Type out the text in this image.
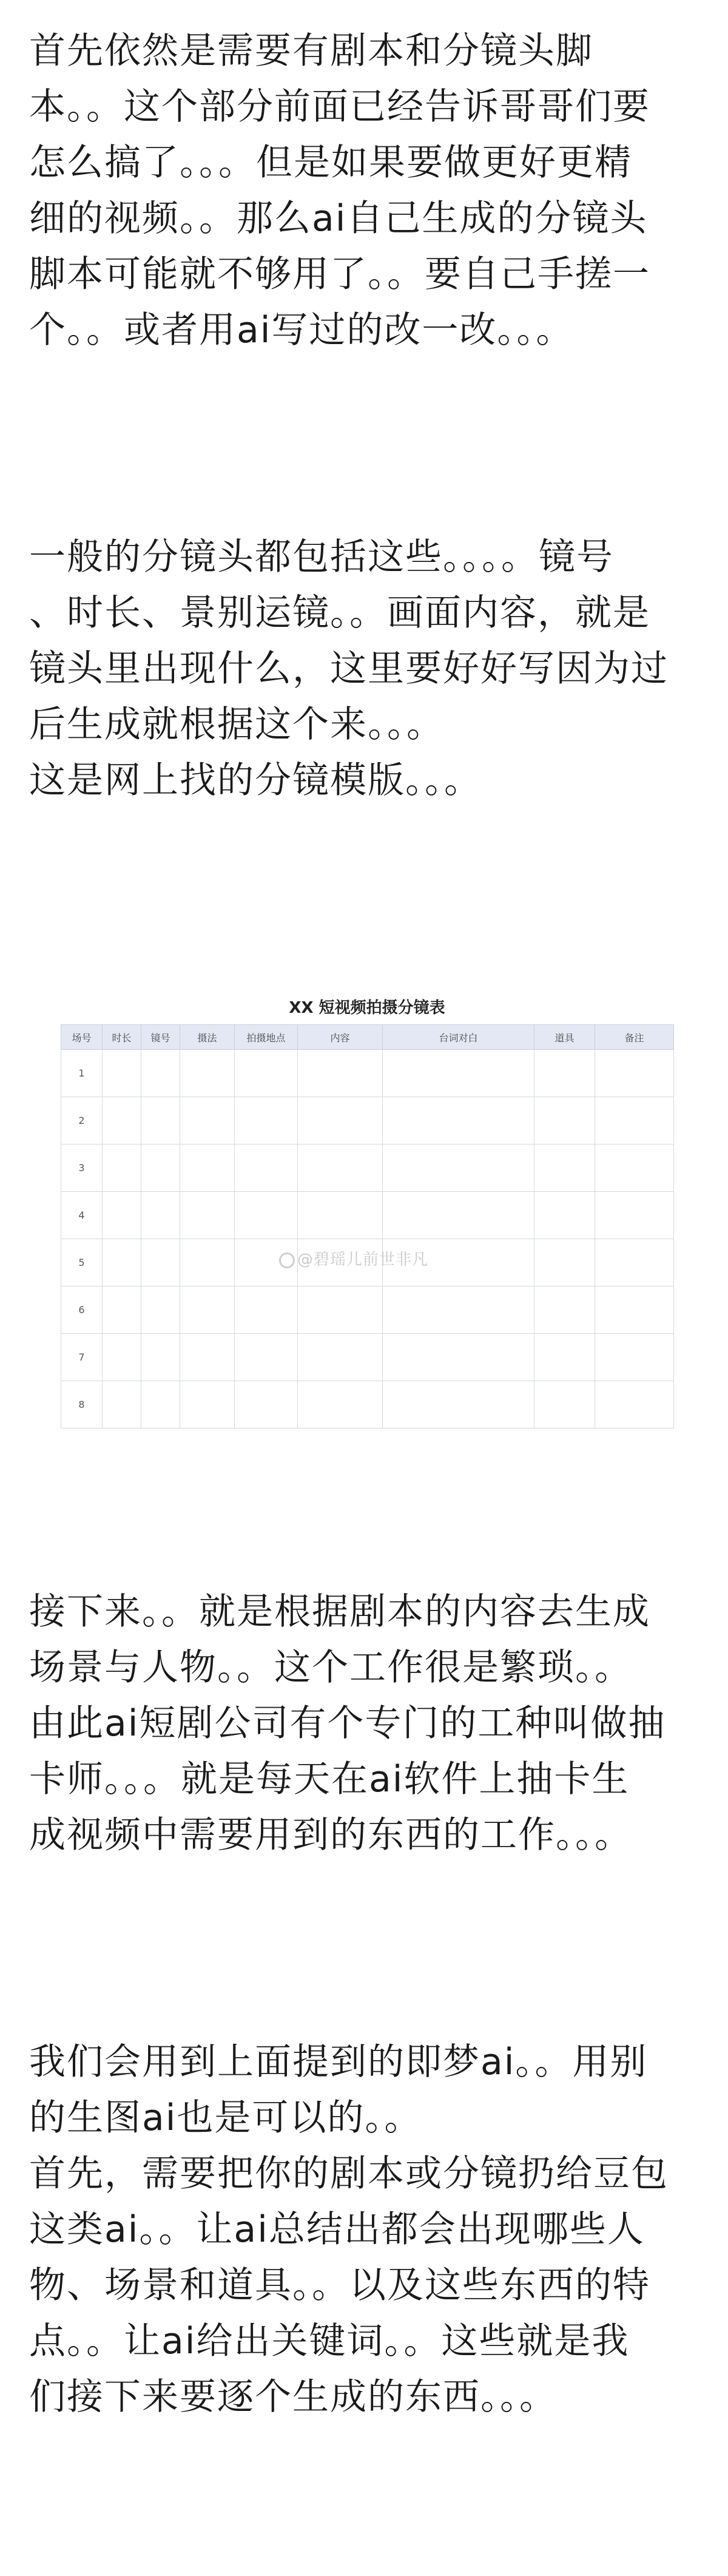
首先依然是需要有剧本和分镜头脚
本。。这个部分前面已经告诉哥哥们要
怎么搞了。。。但是如果要做更好更精
细的视频。。那么ai自己生成的分镜头
脚本可能就不够用了。。要自己手搓一
个。。或者用ai写过的改一改。。。

一般的分镜头都包括这些。。。。镜号
、时长、景别运镜。。画面内容，就是
镜头里出现什么，这里要好好写因为过
后生成就根据这个来。。。
这是网上找的分镜模版。。。

XX 短视频拍摄分镜表
场号	时长	镜号	摄法	拍摄地点	内容	台词对白	道具	备注
1								
2								
3								
4								
5								
6								
7								
8								
@碧瑶儿前世非凡

接下来。。就是根据剧本的内容去生成
场景与人物。。这个工作很是繁琐。。
由此ai短剧公司有个专门的工种叫做抽
卡师。。。就是每天在ai软件上抽卡生
成视频中需要用到的东西的工作。。。

我们会用到上面提到的即梦ai。。用别
的生图ai也是可以的。。
首先，需要把你的剧本或分镜扔给豆包
这类ai。。让ai总结出都会出现哪些人
物、场景和道具。。以及这些东西的特
点。。让ai给出关键词。。这些就是我
们接下来要逐个生成的东西。。。
